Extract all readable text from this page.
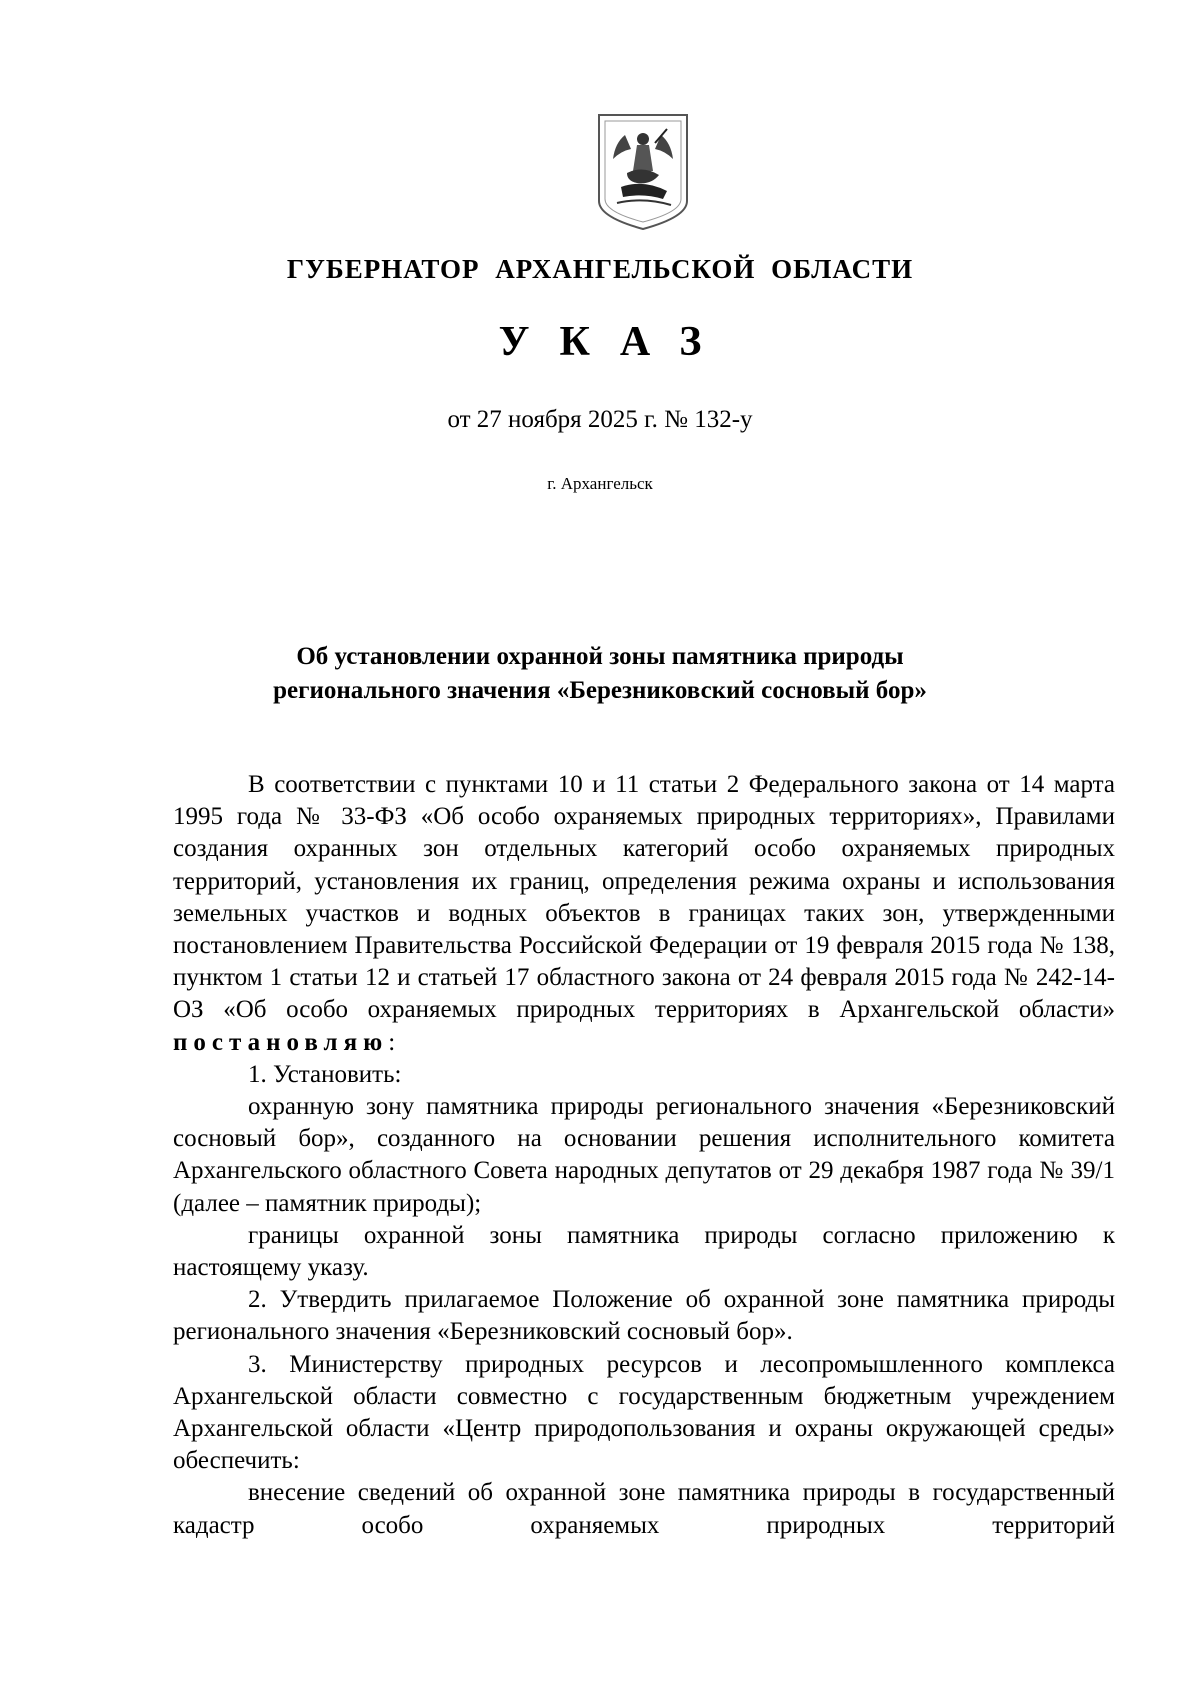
ГУБЕРНАТОР АРХАНГЕЛЬСКОЙ ОБЛАСТИ
УКАЗ
от 27 ноября 2025 г. № 132-у
г. Архангельск
Об установлении охранной зоны памятника природы
регионального значения «Березниковский сосновый бор»

В соответствии с пунктами 10 и 11 статьи 2 Федерального закона от 14 марта 1995 года № 33-ФЗ «Об особо охраняемых природных территориях», Правилами создания охранных зон отдельных категорий особо охраняемых природных территорий, установления их границ, определения режима охраны и использования земельных участков и водных объектов в границах таких зон, утвержденными постановлением Правительства Российской Федерации от 19 февраля 2015 года № 138, пунктом 1 статьи 12 и статьей 17 областного закона от 24 февраля 2015 года № 242-14-ОЗ «Об особо охраняемых природных территориях в Архангельской области» постановляю:

1. Установить:

охранную зону памятника природы регионального значения «Березниковский сосновый бор», созданного на основании решения исполнительного комитета Архангельского областного Совета народных депутатов от 29 декабря 1987 года № 39/1 (далее – памятник природы);

границы охранной зоны памятника природы согласно приложению к настоящему указу.

2. Утвердить прилагаемое Положение об охранной зоне памятника природы регионального значения «Березниковский сосновый бор».

3. Министерству природных ресурсов и лесопромышленного комплекса Архангельской области совместно с государственным бюджетным учреждением Архангельской области «Центр природопользования и охраны окружающей среды» обеспечить:

внесение сведений об охранной зоне памятника природы в государственный кадастр особо охраняемых природных территорий
